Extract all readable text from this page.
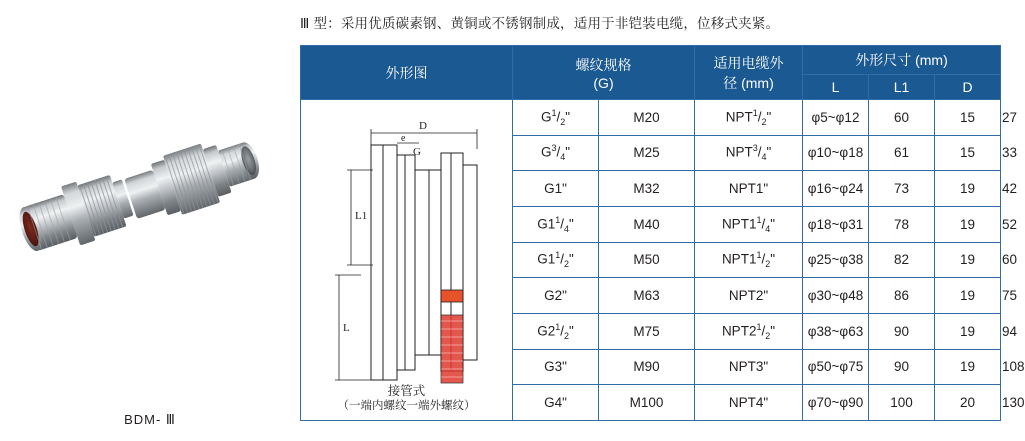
Ⅲ 型：采用优质碳素钢、黄铜或不锈钢制成，适用于非铠装电缆，位移式夹紧。
BDM- Ⅲ
外形图	螺纹规格
(G)

适用电缆外
径 (mm)
	外形尺寸 (mm)
				L	L1	D	

D
e
G
L1
L
接管式
（一端内螺纹一端外螺纹）
	$G^1/_2$"	M20	$NPT^1/_2$"	φ5~φ12	60	15	27
	$G^3/_4$"	M25	$NPT^3/_4$"	φ10~φ18	61	15	33
	G1"	M32	NPT1"	φ16~φ24	73	19	42
	$G1^1/_4$"	M40	$NPT1^1/_4$"	φ18~φ31	78	19	52
	$G1^1/_2$"	M50	$NPT1^1/_2$"	φ25~φ38	82	19	60
	G2"	M63	NPT2"	φ30~φ48	86	19	75
	$G2^1/_2$"	M75	$NPT2^1/_2$"	φ38~φ63	90	19	94
	G3"	M90	NPT3"	φ50~φ75	90	19	108
	G4"	M100	NPT4"	φ70~φ90	100	20	130
